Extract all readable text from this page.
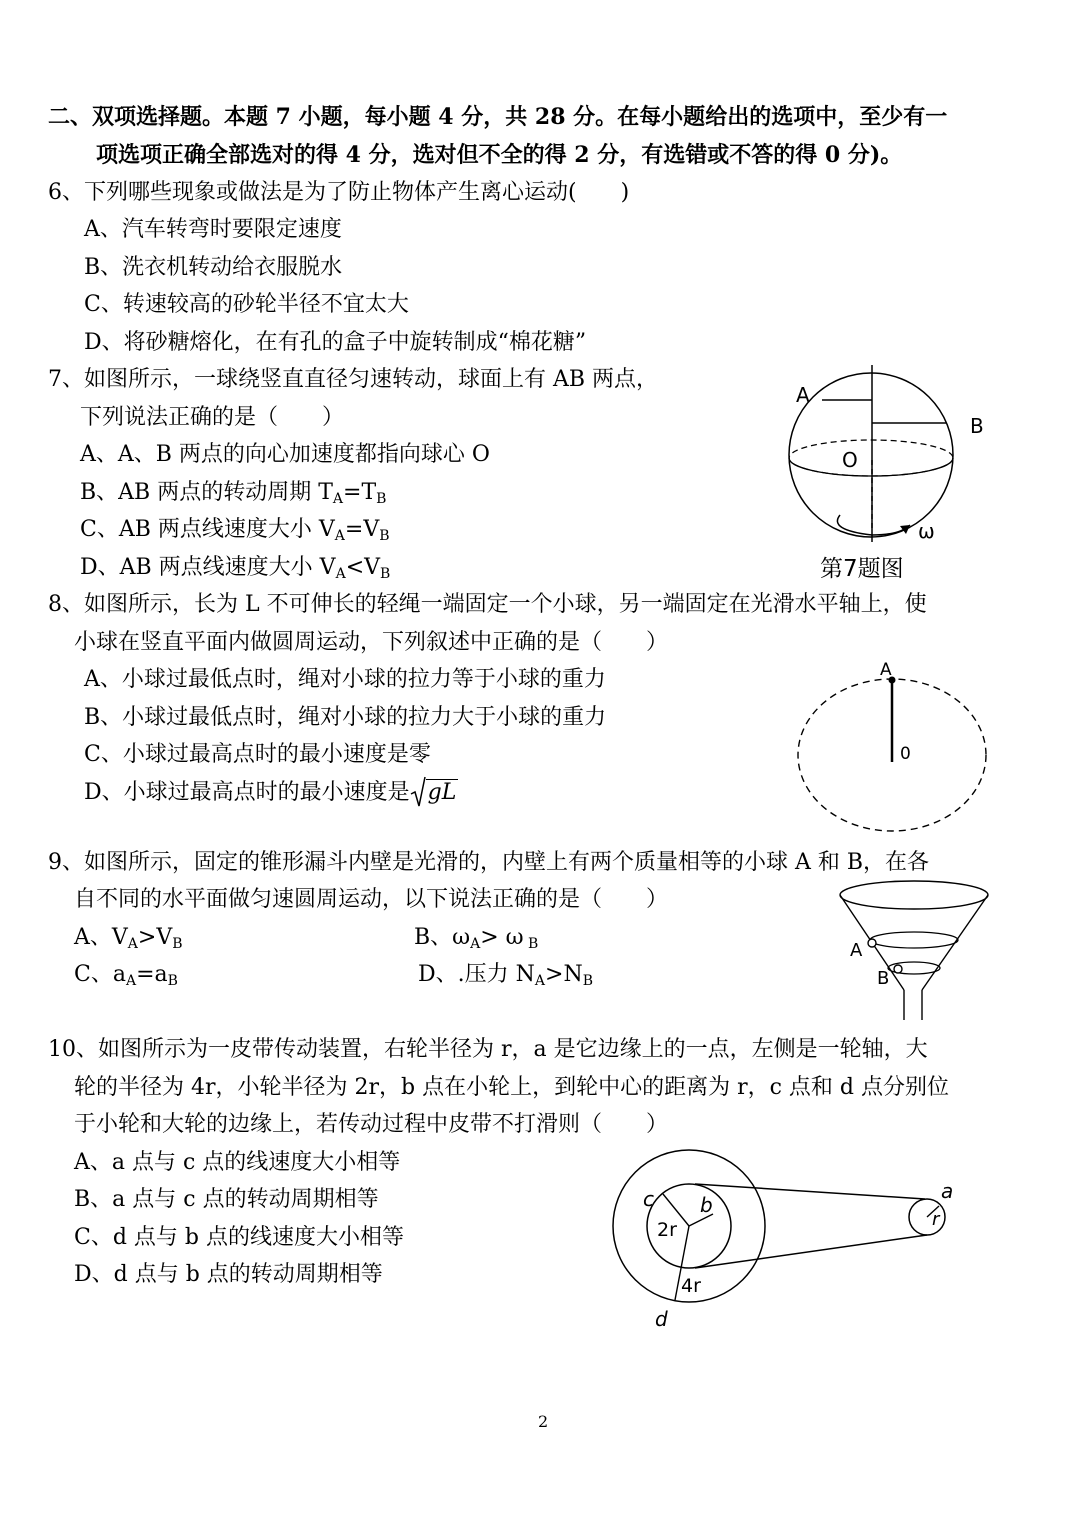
二、双项选择题。本题 7 小题，每小题 4 分，共 28 分。在每小题给出的选项中，至少有一
项选项正确全部选对的得 4 分，选对但不全的得 2 分，有选错或不答的得 0 分)。
6、下列哪些现象或做法是为了防止物体产生离心运动(　　)
A、汽车转弯时要限定速度
B、洗衣机转动给衣服脱水
C、转速较高的砂轮半径不宜太大
D、将砂糖熔化，在有孔的盒子中旋转制成“棉花糖”
7、如图所示，一球绕竖直直径匀速转动，球面上有 AB 两点，
下列说法正确的是（　　）
A、A、B 两点的向心加速度都指向球心 O
B、AB 两点的转动周期 $T_A=T_B$
C、AB 两点线速度大小 $V_A=V_B$
D、AB 两点线速度大小 $V_A<V_B$
A
B
O
ω
第7题图
8、如图所示，长为 L 不可伸长的轻绳一端固定一个小球，另一端固定在光滑水平轴上，使
小球在竖直平面内做圆周运动，下列叙述中正确的是（　　）
A、小球过最低点时，绳对小球的拉力等于小球的重力
B、小球过最低点时，绳对小球的拉力大于小球的重力
C、小球过最高点时的最小速度是零
D、小球过最高点时的最小速度是 gL
A
0
9、如图所示，固定的锥形漏斗内壁是光滑的，内壁上有两个质量相等的小球 A 和 B，在各
自不同的水平面做匀速圆周运动，以下说法正确的是（　　）
A、$V_A>V_B$	B、$\omega_A> \omega$ $_B$
C、$a_A=a_B$	D、.压力 $N_A>N_B$
A
B
10、如图所示为一皮带传动装置，右轮半径为 r，a 是它边缘上的一点，左侧是一轮轴，大
轮的半径为 4r，小轮半径为 2r，b 点在小轮上，到轮中心的距离为 r，c 点和 d 点分别位
于小轮和大轮的边缘上，若传动过程中皮带不打滑则（　　）
A、a 点与 c 点的线速度大小相等
B、a 点与 c 点的转动周期相等
C、d 点与 b 点的线速度大小相等
D、d 点与 b 点的转动周期相等
c b
2r
4r
d
a
r
2
